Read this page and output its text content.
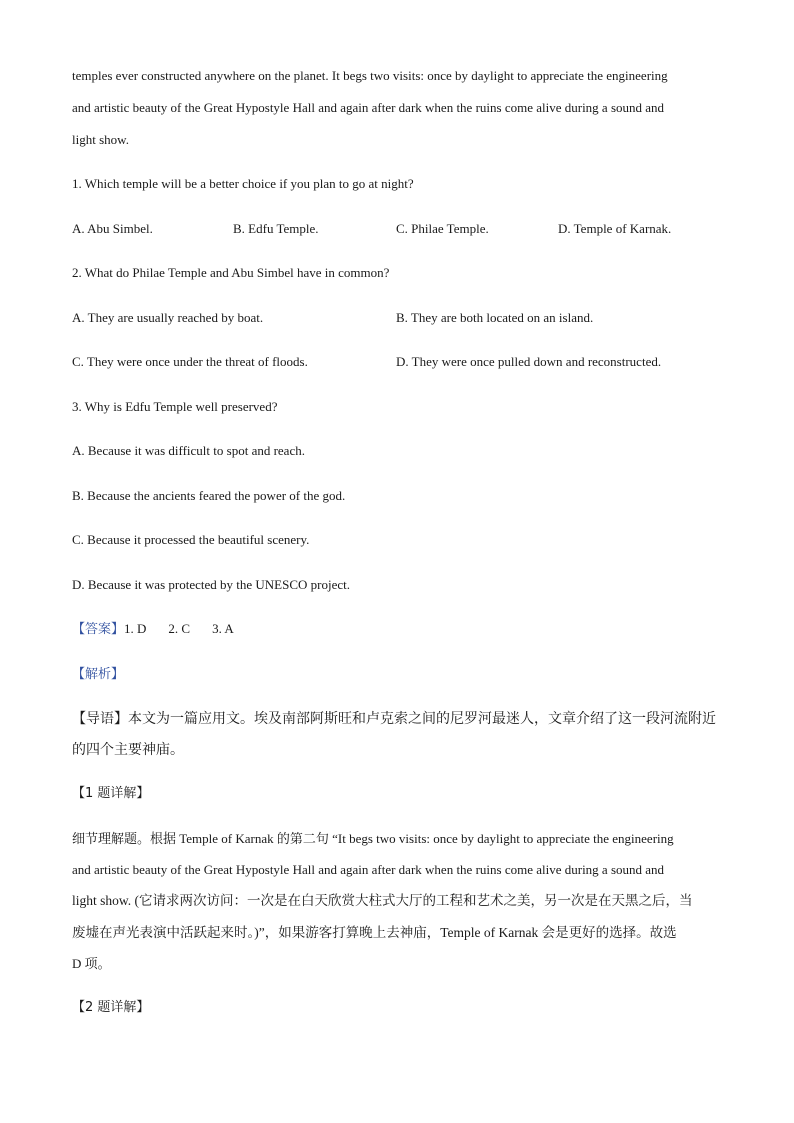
temples ever constructed anywhere on the planet. It begs two visits: once by daylight to appreciate the engineering

and artistic beauty of the Great Hypostyle Hall and again after dark when the ruins come alive during a sound and

light show.

1. Which temple will be a better choice if you plan to go at night?

A. Abu Simbel.	B. Edfu Temple.	C. Philae Temple.	D. Temple of Karnak.

2. What do Philae Temple and Abu Simbel have in common?

A. They are usually reached by boat.	B. They are both located on an island.
C. They were once under the threat of floods.	D. They were once pulled down and reconstructed.

3. Why is Edfu Temple well preserved?

A. Because it was difficult to spot and reach.

B. Because the ancients feared the power of the god.

C. Because it processed the beautiful scenery.

D. Because it was protected by the UNESCO project.

【答案】1. D 2. C 3. A

【解析】

【导语】本文为一篇应用文。埃及南部阿斯旺和卢克索之间的尼罗河最迷人，文章介绍了这一段河流附近

的四个主要神庙。

【1 题详解】

细节理解题。根据 Temple of Karnak 的第二句 “It begs two visits: once by daylight to appreciate the engineering

and artistic beauty of the Great Hypostyle Hall and again after dark when the ruins come alive during a sound and

light show. (它请求两次访问：一次是在白天欣赏大柱式大厅的工程和艺术之美，另一次是在天黑之后，当

废墟在声光表演中活跃起来时。)”，如果游客打算晚上去神庙，Temple of Karnak 会是更好的选择。故选

D 项。

【2 题详解】
